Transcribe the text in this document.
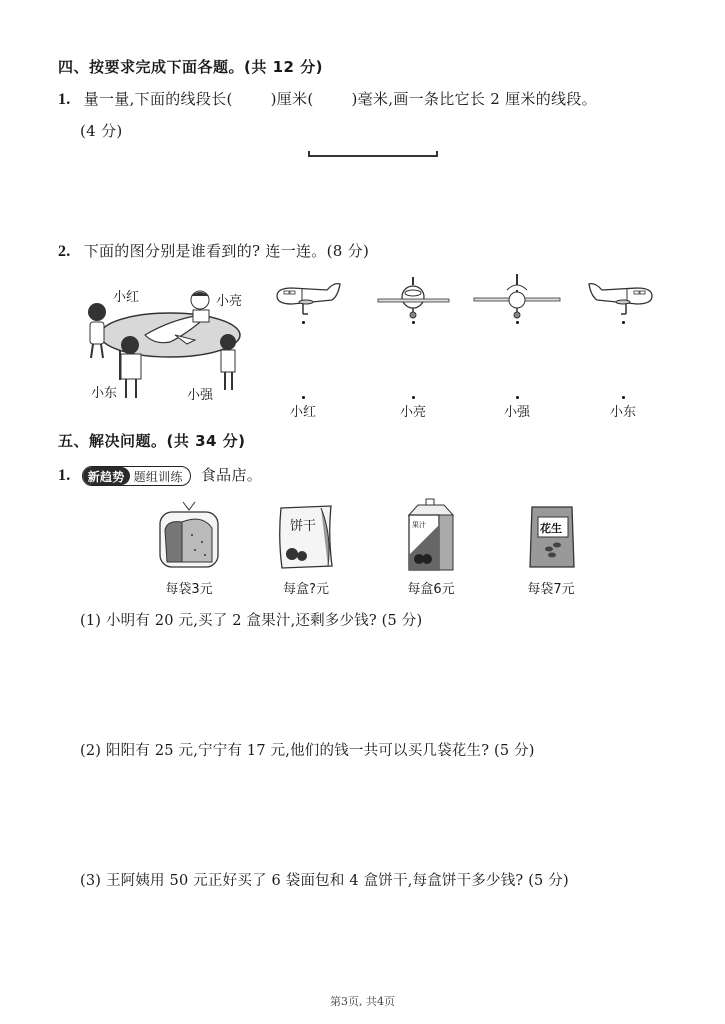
四、按要求完成下面各题。(共 12 分)
1. 量一量,下面的线段长(	)厘米(	)毫米,画一条比它长 2 厘米的线段。
(4 分)
2. 下面的图分别是谁看到的? 连一连。(8 分)
小红	小亮
小东	小强
小红	小亮	小强	小东
五、解决问题。(共 34 分)
1.	新趋势 题组训练	食品店。
饼干	果汁	花生
每袋3元	每盒?元	每盒6元	每袋7元
(1) 小明有 20 元,买了 2 盒果汁,还剩多少钱? (5 分)
(2) 阳阳有 25 元,宁宁有 17 元,他们的钱一共可以买几袋花生? (5 分)
(3) 王阿姨用 50 元正好买了 6 袋面包和 4 盒饼干,每盒饼干多少钱? (5 分)
第3页, 共4页
